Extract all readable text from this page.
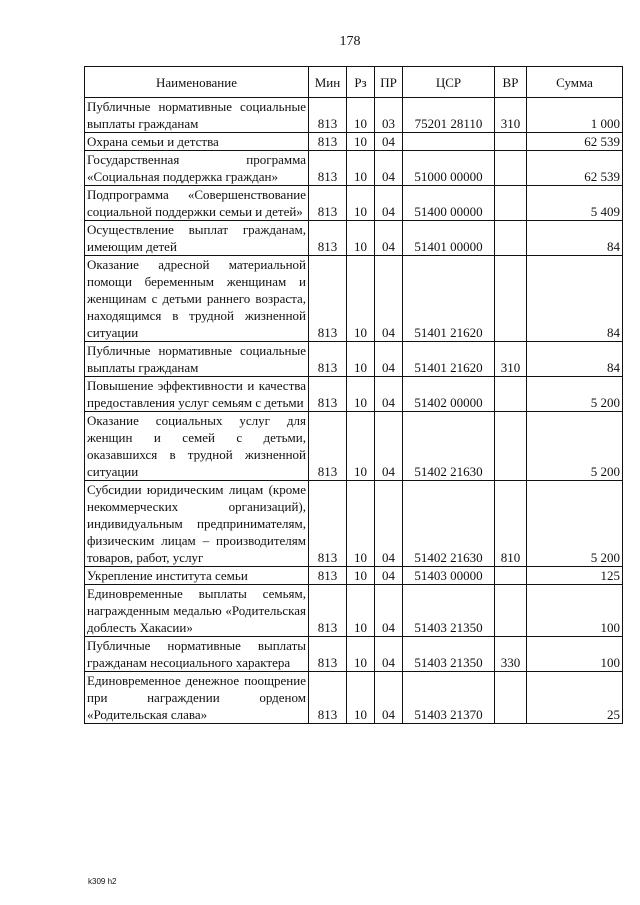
178
Наименование	Мин	Рз	ПР	ЦСР	ВР	Сумма
Публичные нормативные социальные выплаты гражданам	813	10	03	75201 28110	310	1 000
Охрана семьи и детства	813	10	04			62 539
Государственная программа «Социальная поддержка граждан»	813	10	04	51000 00000		62 539
Подпрограмма «Совершенствование социальной поддержки семьи и детей»	813	10	04	51400 00000		5 409
Осуществление выплат гражданам, имеющим детей	813	10	04	51401 00000		84
Оказание адресной материальной помощи беременным женщинам и женщинам с детьми раннего возраста, находящимся в трудной жизненной ситуации	813	10	04	51401 21620		84
Публичные нормативные социальные выплаты гражданам	813	10	04	51401 21620	310	84
Повышение эффективности и качества предоставления услуг семьям с детьми	813	10	04	51402 00000		5 200
Оказание социальных услуг для женщин и семей с детьми, оказавшихся в трудной жизненной ситуации	813	10	04	51402 21630		5 200
Субсидии юридическим лицам (кроме некоммерческих организаций), индивидуальным предпринимателям, физическим лицам – производителям товаров, работ, услуг	813	10	04	51402 21630	810	5 200
Укрепление института семьи	813	10	04	51403 00000		125
Единовременные выплаты семьям, награжденным медалью «Родительская доблесть Хакасии»	813	10	04	51403 21350		100
Публичные нормативные выплаты гражданам несоциального характера	813	10	04	51403 21350	330	100
Единовременное денежное поощрение при награждении орденом «Родительская слава»	813	10	04	51403 21370		25
k309 h2
